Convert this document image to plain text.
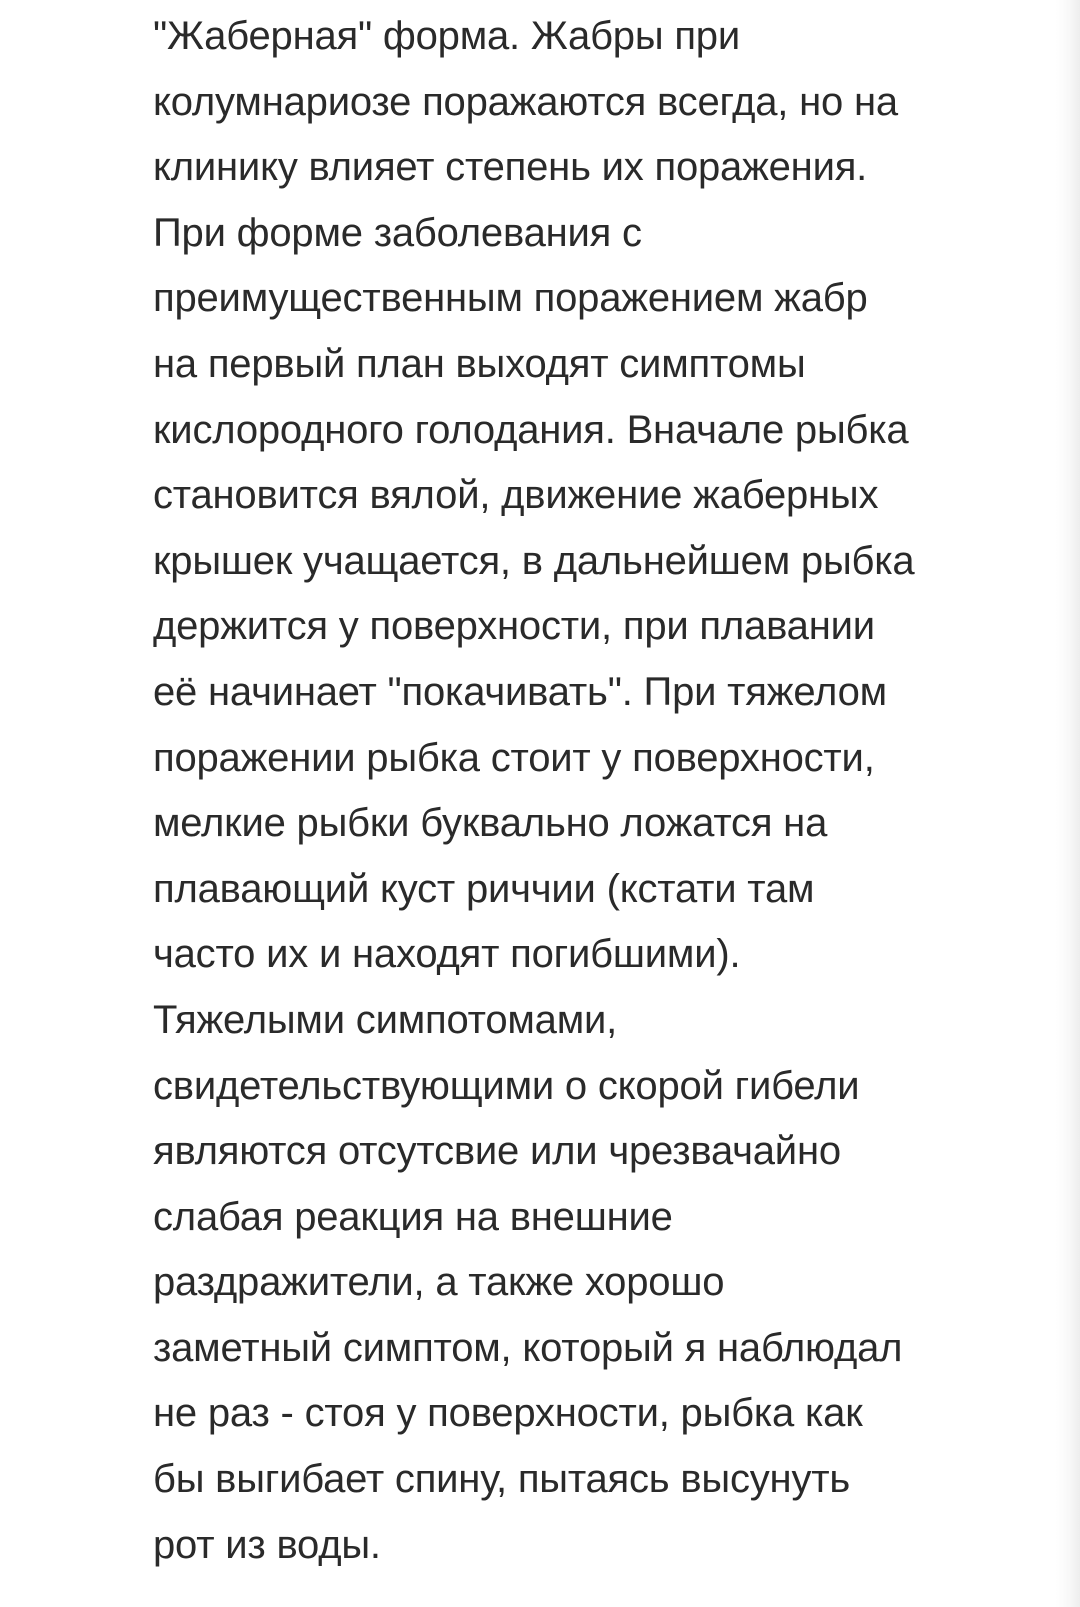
"Жаберная" форма. Жабры при
колумнариозе поражаются всегда, но на
клинику влияет степень их поражения.
При форме заболевания с
преимущественным поражением жабр
на первый план выходят симптомы
кислородного голодания. Вначале рыбка
становится вялой, движение жаберных
крышек учащается, в дальнейшем рыбка
держится у поверхности, при плавании
её начинает "покачивать". При тяжелом
поражении рыбка стоит у поверхности,
мелкие рыбки буквально ложатся на
плавающий куст риччии (кстати там
часто их и находят погибшими).
Тяжелыми симпотомами,
свидетельствующими о скорой гибели
являются отсутсвие или чрезвачайно
слабая реакция на внешние
раздражители, а также хорошо
заметный симптом, который я наблюдал
не раз - стоя у поверхности, рыбка как
бы выгибает спину, пытаясь высунуть
рот из воды.
